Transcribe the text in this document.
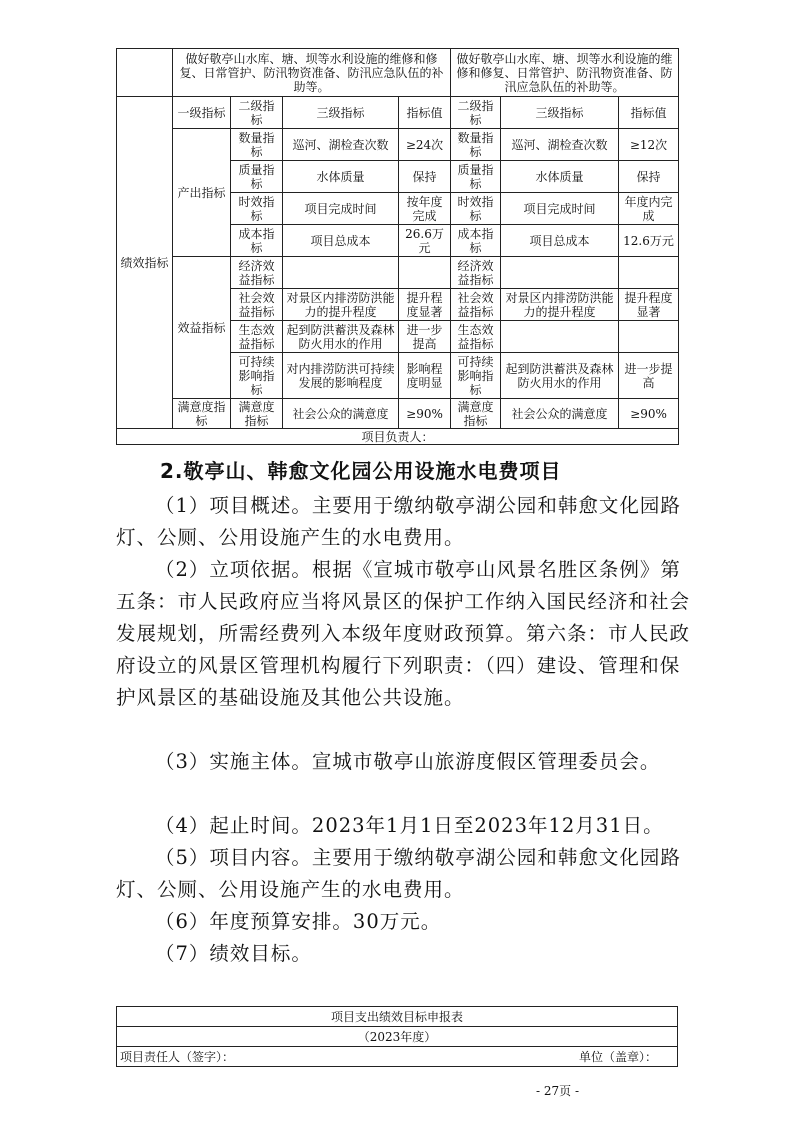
	做好敬亭山水库、塘、坝等水利设施的维修和修复、日常管护、防汛物资准备、防汛应急队伍的补助等。				做好敬亭山水库、塘、坝等水利设施的维修和修复、日常管护、防汛物资准备、防汛应急队伍的补助等。		
绩效指标	一级指标	二级指标	三级指标	指标值	二级指标	三级指标	指标值
	产出指标	数量指标	巡河、湖检查次数	≥24次	数量指标	巡河、湖检查次数	≥12次
		质量指标	水体质量	保持	质量指标	水体质量	保持
		时效指标	项目完成时间	按年度完成	时效指标	项目完成时间	年度内完成
		成本指标	项目总成本	26.6万元	成本指标	项目总成本	12.6万元
	效益指标	经济效益指标			经济效益指标		
		社会效益指标	对景区内排涝防洪能力的提升程度	提升程度显著	社会效益指标	对景区内排涝防洪能力的提升程度	提升程度显著
		生态效益指标	起到防洪蓄洪及森林防火用水的作用	进一步提高	生态效益指标		
		可持续影响指标	对内排涝防洪可持续发展的影响程度	影响程度明显	可持续影响指标	起到防洪蓄洪及森林防火用水的作用	进一步提高
	满意度指标	满意度指标	社会公众的满意度	≥90%	满意度指标	社会公众的满意度	≥90%
项目负责人：							
2.敬亭山、韩愈文化园公用设施水电费项目

（1）项目概述。主要用于缴纳敬亭湖公园和韩愈文化园路灯、公厕、公用设施产生的水电费用。

（2）立项依据。根据《宣城市敬亭山风景名胜区条例》第五条：市人民政府应当将风景区的保护工作纳入国民经济和社会发展规划，所需经费列入本级年度财政预算。第六条：市人民政府设立的风景区管理机构履行下列职责：（四）建设、管理和保护风景区的基础设施及其他公共设施。

（3）实施主体。宣城市敬亭山旅游度假区管理委员会。

（4）起止时间。2023年1月1日至2023年12月31日。

（5）项目内容。主要用于缴纳敬亭湖公园和韩愈文化园路灯、公厕、公用设施产生的水电费用。

（6）年度预算安排。30万元。

（7）绩效目标。

项目支出绩效目标申报表
（2023年度）
项目责任人（签字）：	单位（盖章）：
- 27页 -
